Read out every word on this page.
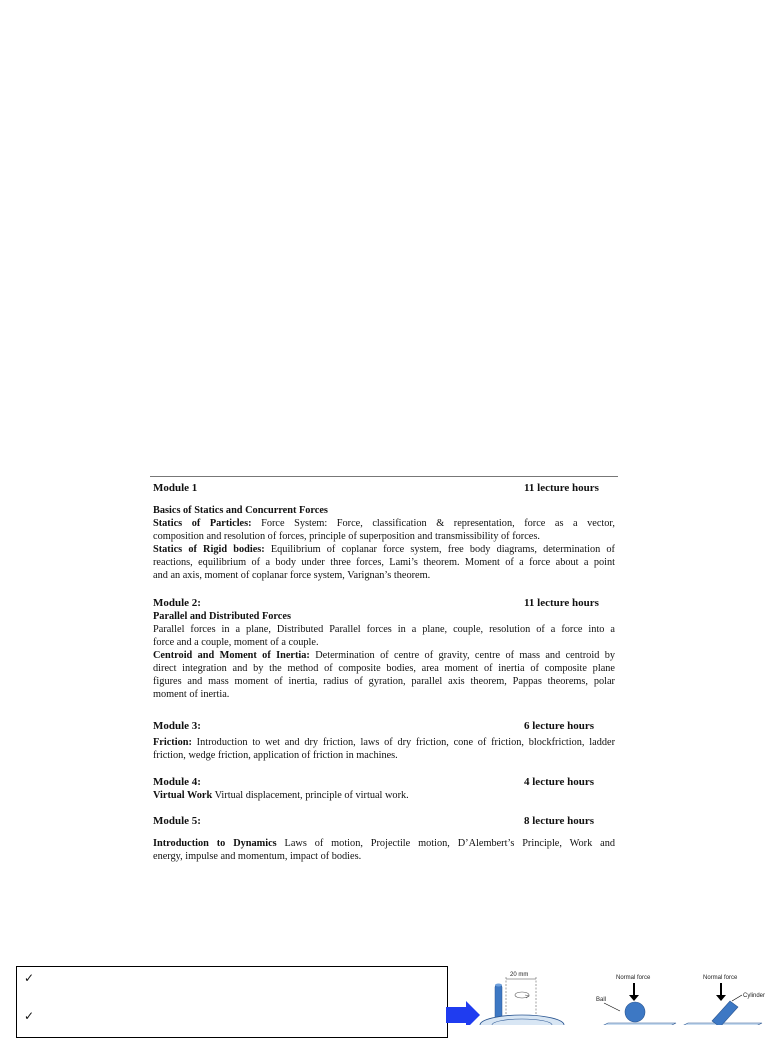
Module 1	11 lecture hours
Basics of Statics and Concurrent Forces
Statics of Particles: Force System: Force, classification & representation, force as a vector,
composition and resolution of forces, principle of superposition and transmissibility of forces.
Statics of Rigid bodies: Equilibrium of coplanar force system, free body diagrams, determination of
reactions, equilibrium of a body under three forces, Lami’s theorem. Moment of a force about a point
and an axis, moment of coplanar force system, Varignan’s theorem.
Module 2:	11 lecture hours
Parallel and Distributed Forces
Parallel forces in a plane, Distributed Parallel forces in a plane, couple, resolution of a force into a
force and a couple, moment of a couple.
Centroid and Moment of Inertia: Determination of centre of gravity, centre of mass and centroid by
direct integration and by the method of composite bodies, area moment of inertia of composite plane
figures and mass moment of inertia, radius of gyration, parallel axis theorem, Pappas theorems, polar
moment of inertia.
Module 3:	6 lecture hours
Friction: Introduction to wet and dry friction, laws of dry friction, cone of friction, blockfriction, ladder
friction, wedge friction, application of friction in machines.
Module 4:	4 lecture hours
Virtual Work Virtual displacement, principle of virtual work.
Module 5:	8 lecture hours
Introduction to Dynamics Laws of motion, Projectile motion, D’Alembert’s Principle, Work and
energy, impulse and momentum, impact of bodies.
✓
✓
20 mm	Normal force
Ball
Normal force
Cylinder
